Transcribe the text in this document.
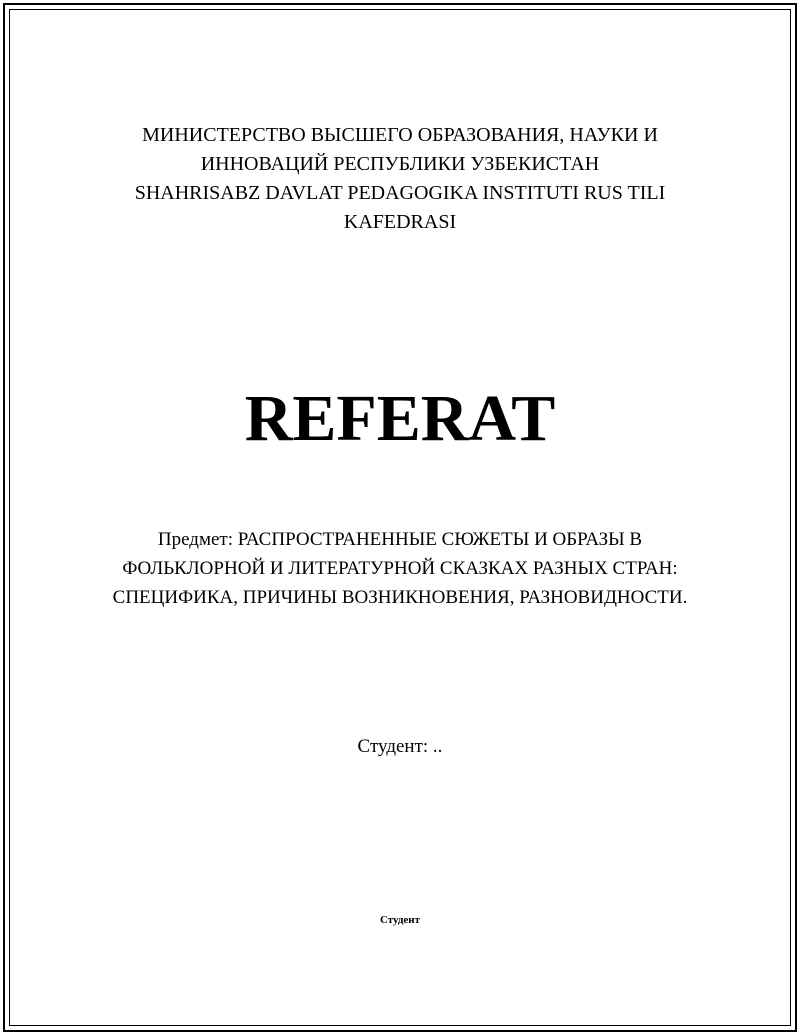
МИНИСТЕРСТВО ВЫСШЕГО ОБРАЗОВАНИЯ, НАУКИ И
ИННОВАЦИЙ РЕСПУБЛИКИ УЗБЕКИСТАН
SHAHRISABZ DAVLAT PEDAGOGIKA INSTITUTI RUS TILI
KAFEDRASI
REFERAT
Предмет: РАСПРОСТРАНЕННЫЕ СЮЖЕТЫ И ОБРАЗЫ В
ФОЛЬКЛОРНОЙ И ЛИТЕРАТУРНОЙ СКАЗКАХ РАЗНЫХ СТРАН:
СПЕЦИФИКА, ПРИЧИНЫ ВОЗНИКНОВЕНИЯ, РАЗНОВИДНОСТИ.
Студент: ..
Студент
